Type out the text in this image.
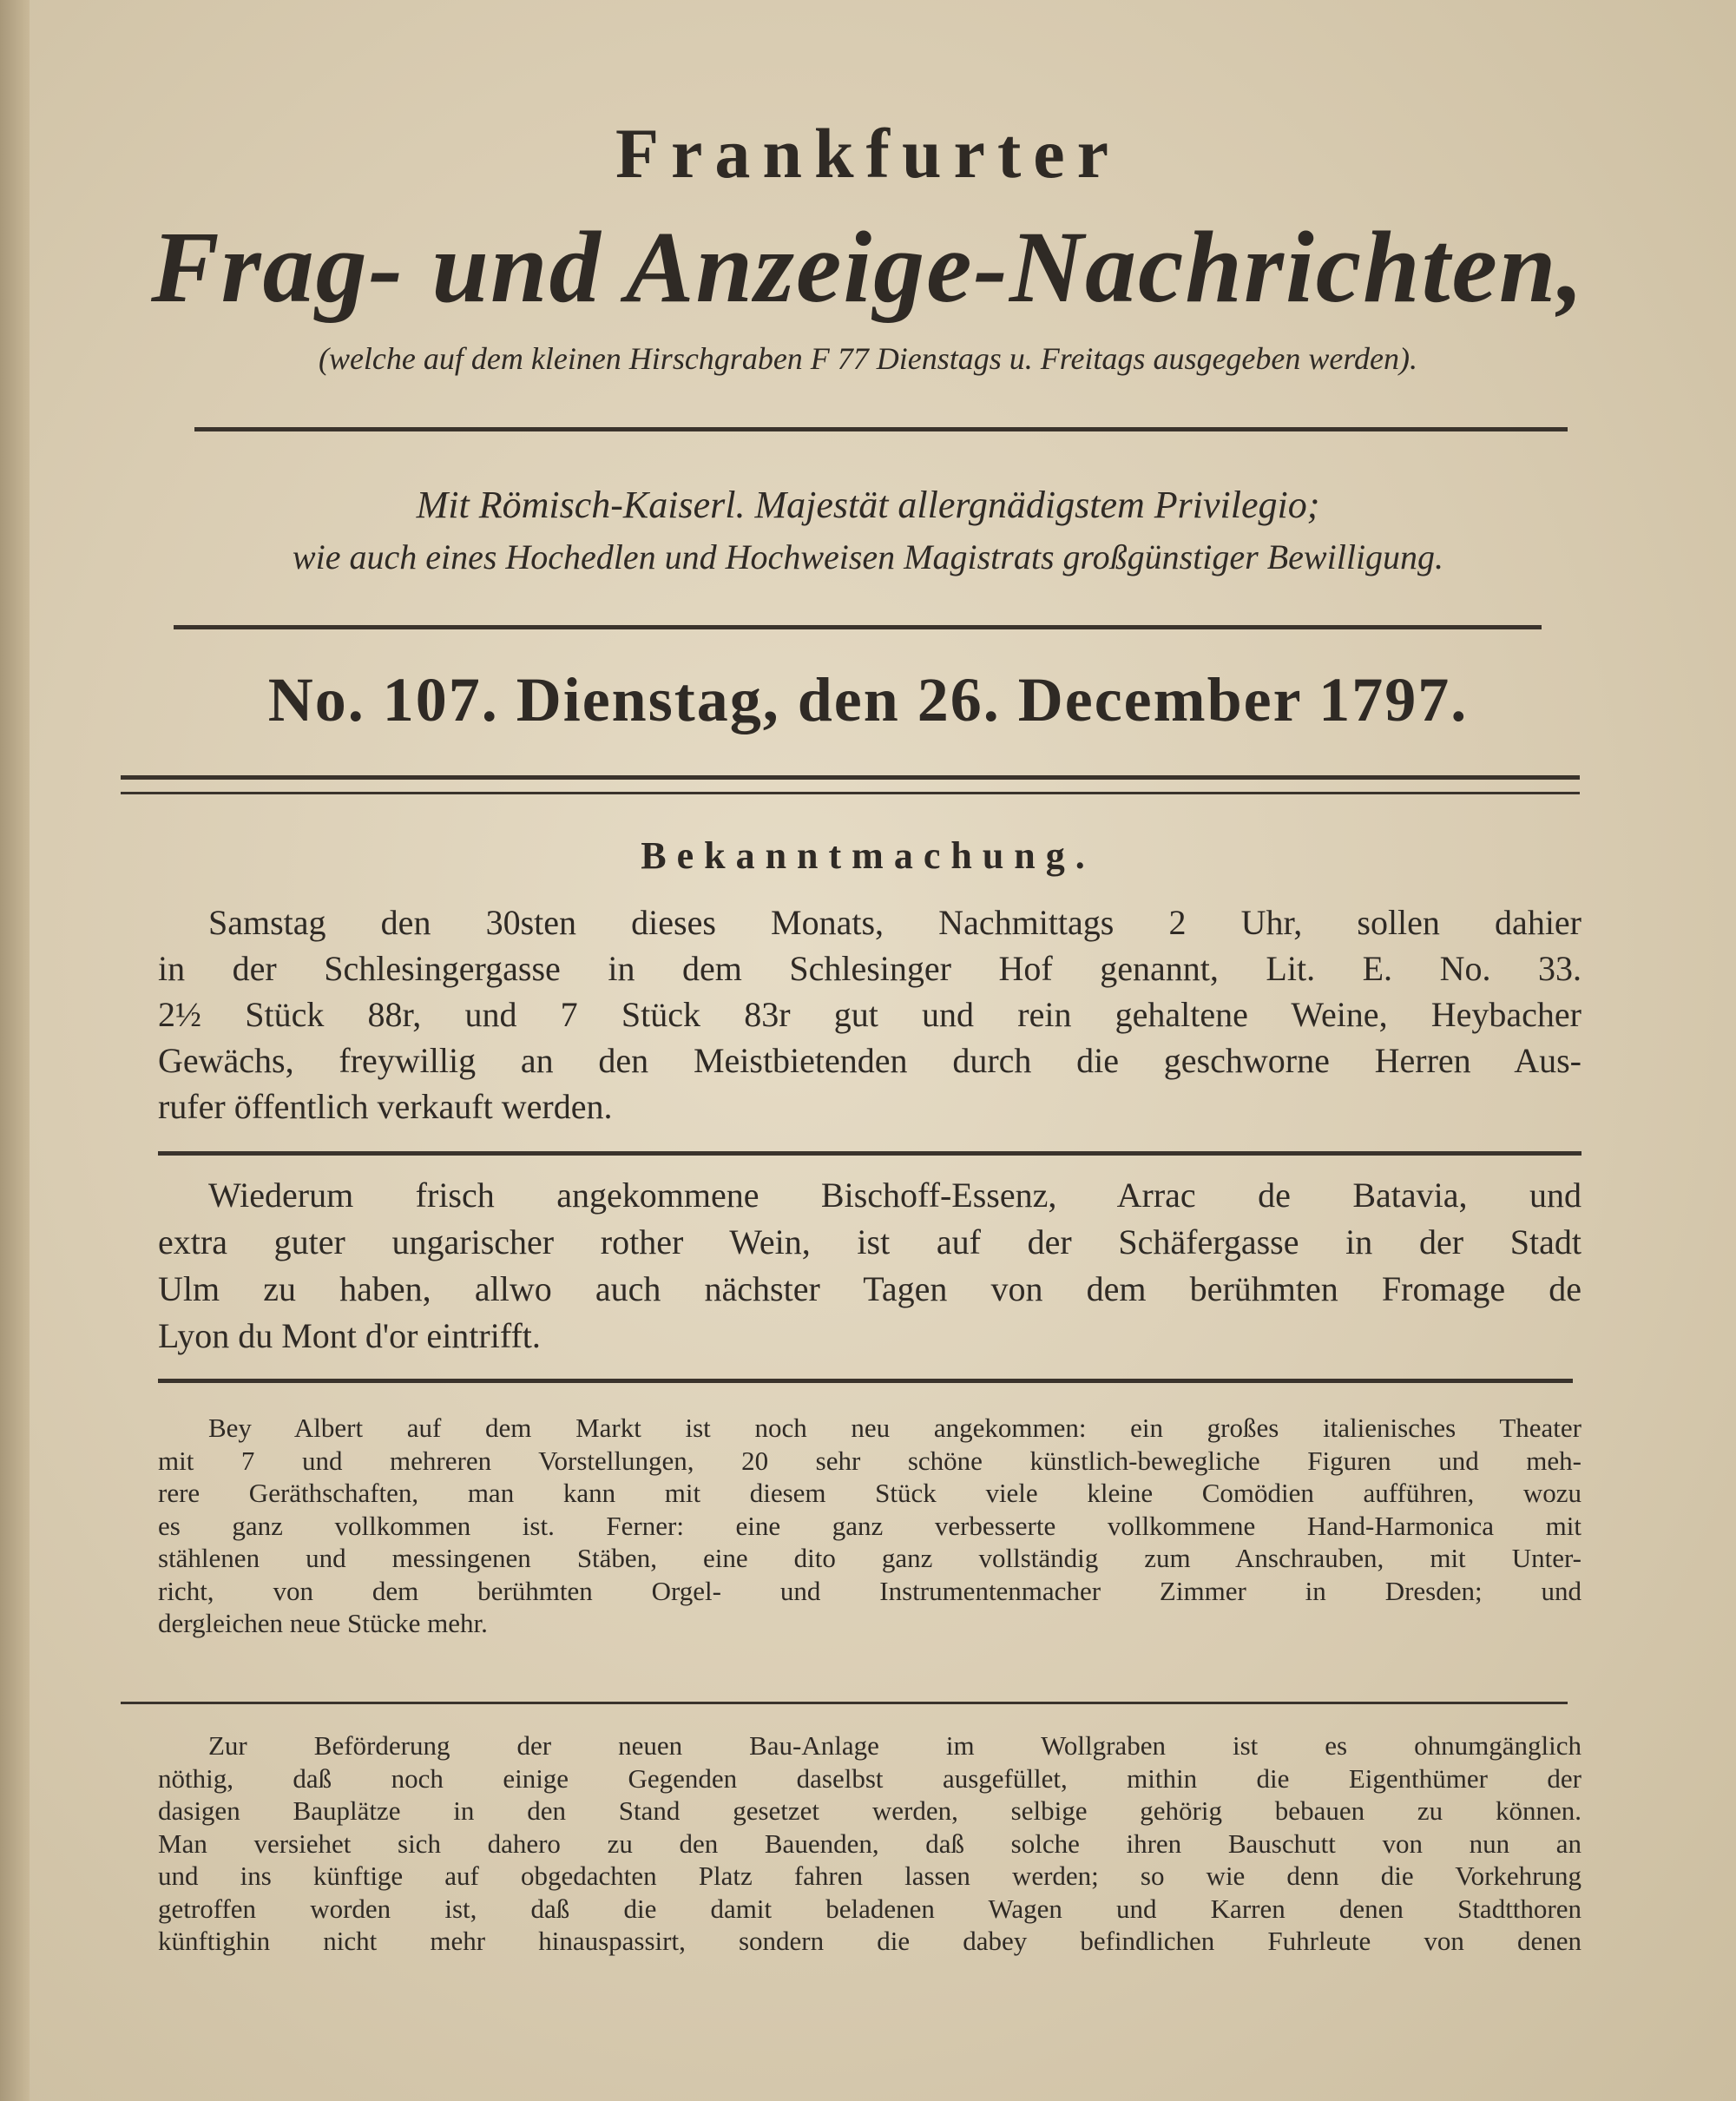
Frankfurter
Frag- und Anzeige-Nachrichten,
(welche auf dem kleinen Hirschgraben F 77 Dienstags u. Freitags ausgegeben werden).
Mit Römisch-Kaiserl. Majestät allergnädigstem Privilegio;
wie auch eines Hochedlen und Hochweisen Magistrats großgünstiger Bewilligung.
No. 107. Dienstag, den 26. December 1797.
Bekanntmachung.
Samstag den 30sten dieses Monats, Nachmittags 2 Uhr, sollen dahier
in der Schlesingergasse in dem Schlesinger Hof genannt, Lit. E. No. 33.
2½ Stück 88r, und 7 Stück 83r gut und rein gehaltene Weine, Heybacher
Gewächs, freywillig an den Meistbietenden durch die geschworne Herren Aus-
rufer öffentlich verkauft werden.
Wiederum frisch angekommene Bischoff-Essenz, Arrac de Batavia, und
extra guter ungarischer rother Wein, ist auf der Schäfergasse in der Stadt
Ulm zu haben, allwo auch nächster Tagen von dem berühmten Fromage de
Lyon du Mont d'or eintrifft.
Bey Albert auf dem Markt ist noch neu angekommen: ein großes italienisches Theater
mit 7 und mehreren Vorstellungen, 20 sehr schöne künstlich-bewegliche Figuren und meh-
rere Geräthschaften, man kann mit diesem Stück viele kleine Comödien aufführen, wozu
es ganz vollkommen ist. Ferner: eine ganz verbesserte vollkommene Hand-Harmonica mit
stählenen und messingenen Stäben, eine dito ganz vollständig zum Anschrauben, mit Unter-
richt, von dem berühmten Orgel- und Instrumentenmacher Zimmer in Dresden; und
dergleichen neue Stücke mehr.
Zur Beförderung der neuen Bau-Anlage im Wollgraben ist es ohnumgänglich
nöthig, daß noch einige Gegenden daselbst ausgefüllet, mithin die Eigenthümer der
dasigen Bauplätze in den Stand gesetzet werden, selbige gehörig bebauen zu können.
Man versiehet sich dahero zu den Bauenden, daß solche ihren Bauschutt von nun an
und ins künftige auf obgedachten Platz fahren lassen werden; so wie denn die Vorkehrung
getroffen worden ist, daß die damit beladenen Wagen und Karren denen Stadtthoren
künftighin nicht mehr hinauspassirt, sondern die dabey befindlichen Fuhrleute von denen
